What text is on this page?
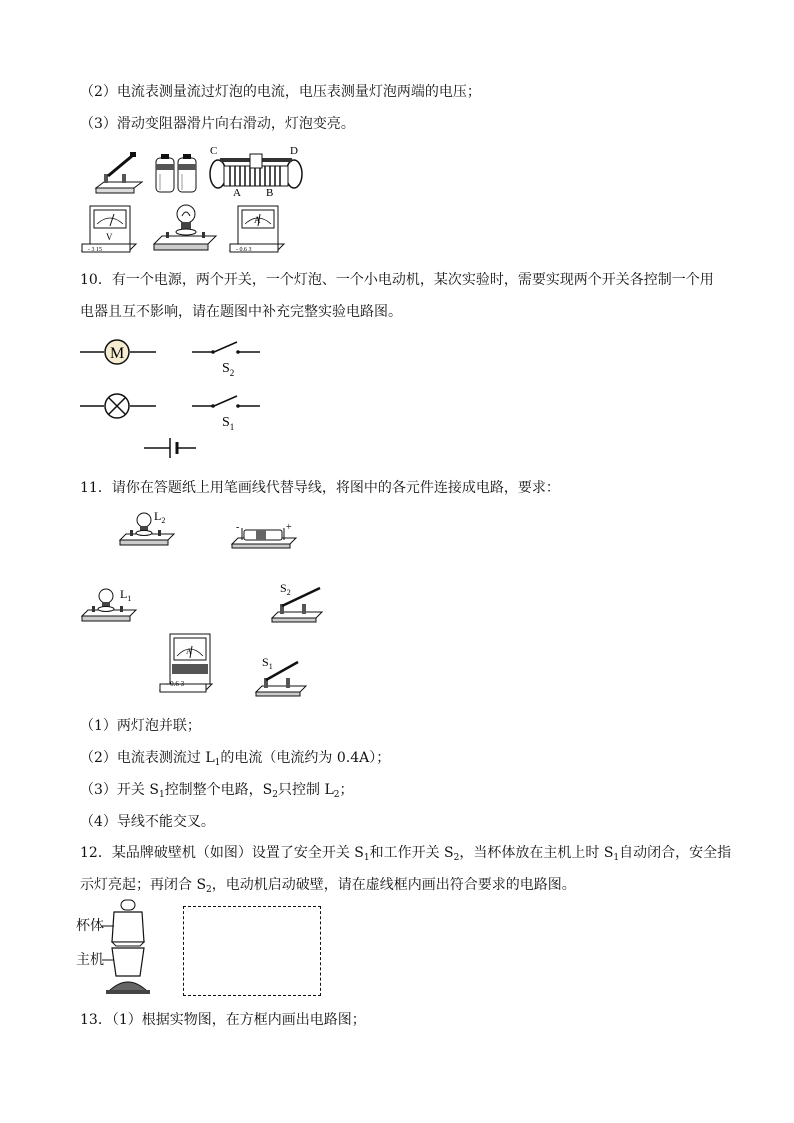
（2）电流表测量流过灯泡的电流，电压表测量灯泡两端的电压；
（3）滑动变阻器滑片向右滑动，灯泡变亮。
C	D
A B
V
- 3 15
A
- 0.6 3
10．有一个电源，两个开关，一个灯泡、一个小电动机，某次实验时，需要实现两个开关各控制一个用
电器且互不影响，请在题图中补充完整实验电路图。
M
$S_2$
$S_1$
11．请你在答题纸上用笔画线代替导线，将图中的各元件连接成电路，要求：
$L_2$
-	+
$L_1$
$S_2$
A
- 0.6 3
$S_1$
（1）两灯泡并联；
（2）电流表测流过 $L_1$的电流（电流约为 0.4A）；
（3）开关 $S_1$控制整个电路，$S_2$只控制 $L_2$；
（4）导线不能交叉。
12．某品牌破壁机（如图）设置了安全开关 $S_1$和工作开关 $S_2$，当杯体放在主机上时 $S_1$自动闭合，安全指
示灯亮起；再闭合 $S_2$，电动机启动破壁，请在虚线框内画出符合要求的电路图。
杯体
主机
13．（1）根据实物图，在方框内画出电路图；
